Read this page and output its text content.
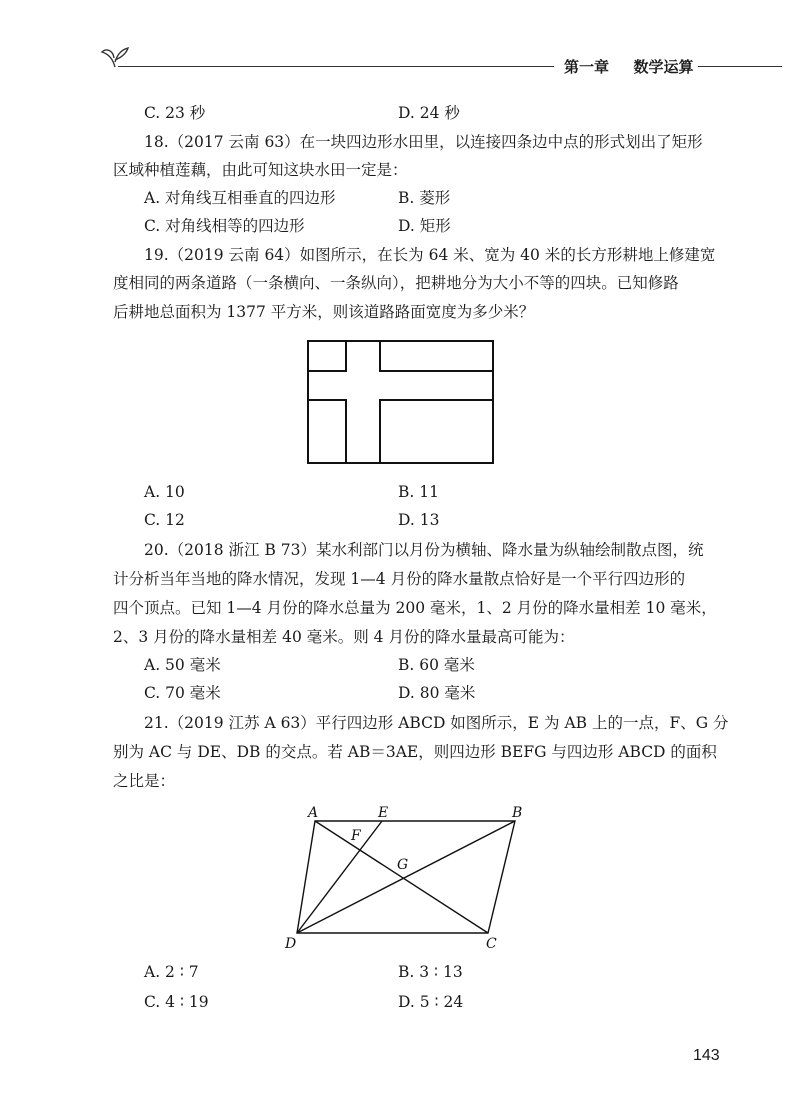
第一章 数学运算
C. 23 秒	D. 24 秒
18.（2017 云南 63）在一块四边形水田里，以连接四条边中点的形式划出了矩形
区域种植莲藕，由此可知这块水田一定是：
A. 对角线互相垂直的四边形	B. 菱形
C. 对角线相等的四边形	D. 矩形
19.（2019 云南 64）如图所示，在长为 64 米、宽为 40 米的长方形耕地上修建宽
度相同的两条道路（一条横向、一条纵向），把耕地分为大小不等的四块。已知修路
后耕地总面积为 1377 平方米，则该道路路面宽度为多少米？
A. 10	B. 11
C. 12	D. 13
20.（2018 浙江 B 73）某水利部门以月份为横轴、降水量为纵轴绘制散点图，统
计分析当年当地的降水情况，发现 1—4 月份的降水量散点恰好是一个平行四边形的
四个顶点。已知 1—4 月份的降水总量为 200 毫米，1、2 月份的降水量相差 10 毫米，
2、3 月份的降水量相差 40 毫米。则 4 月份的降水量最高可能为：
A. 50 毫米	B. 60 毫米
C. 70 毫米	D. 80 毫米
21.（2019 江苏 A 63）平行四边形 ABCD 如图所示，E 为 AB 上的一点，F、G 分
别为 AC 与 DE、DB 的交点。若 AB＝3AE，则四边形 BEFG 与四边形 ABCD 的面积
之比是：
A	B
C
D
E
F
G
A. 2 ∶ 7	B. 3 ∶ 13
C. 4 ∶ 19	D. 5 ∶ 24
143
